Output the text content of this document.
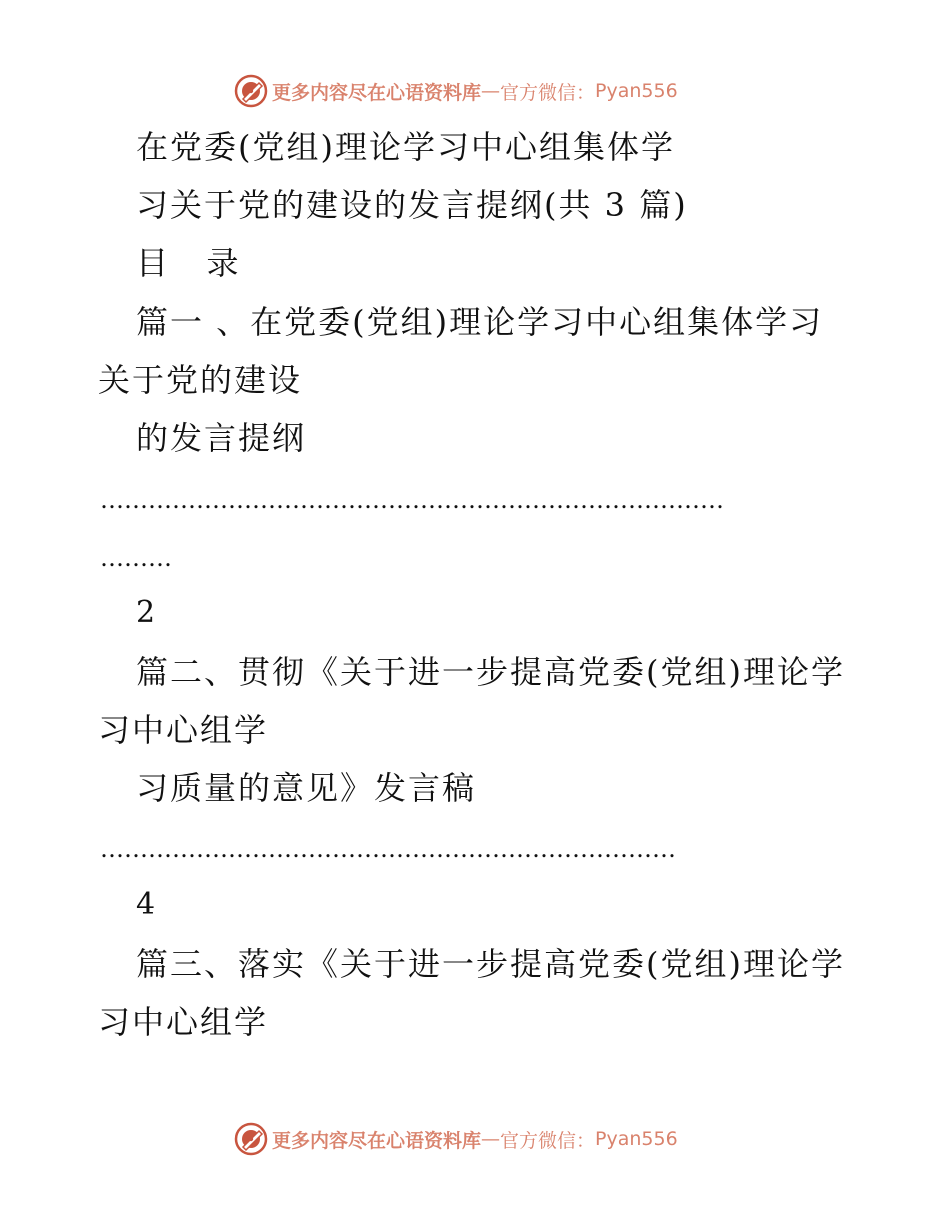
更多内容尽在心语资料库 — 官方微信： Pyan556
在党委(党组)理论学习中心组集体学
习关于党的建设的发言提纲(共 3 篇)
目   录
篇一 、在党委(党组)理论学习中心组集体学习
关于党的建设
的发言提纲
……………………………………………………………………
………
2
篇二、贯彻《关于进一步提高党委(党组)理论学
习中心组学
习质量的意见》发言稿
………………………………………………………………
4
篇三、落实《关于进一步提高党委(党组)理论学
习中心组学
更多内容尽在心语资料库 — 官方微信： Pyan556
